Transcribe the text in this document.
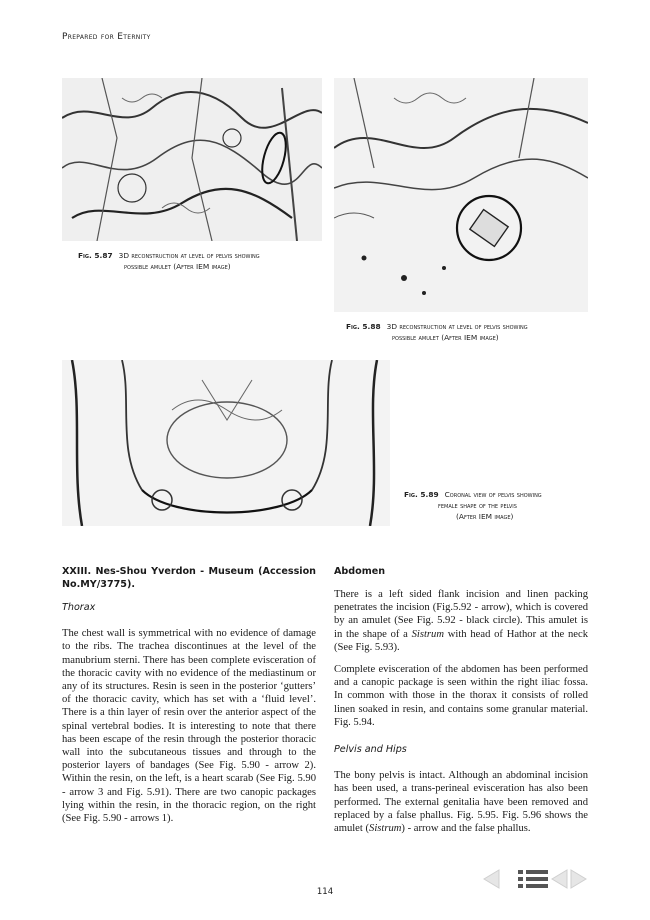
Prepared for Eternity
Fig. 5.87 3D reconstruction at level of pelvis showing
possible amulet (After IEM image)
Fig. 5.88 3D reconstruction at level of pelvis showing
possible amulet (After IEM image)
Fig. 5.89 Coronal view of pelvis showing
female shape of the pelvis
(After IEM image)
XXIII. Nes-Shou Yverdon - Museum (Accession No.MY/3775).
Thorax

The chest wall is symmetrical with no evidence of damage to the ribs. The trachea discontinues at the level of the manubrium sterni. There has been complete evisceration of the thoracic cavity with no evidence of the mediastinum or any of its structures. Resin is seen in the posterior ‘gutters’ of the thoracic cavity, which has set with a ‘fluid level’. There is a thin layer of resin over the anterior aspect of the spinal vertebral bodies. It is interesting to note that there has been escape of the resin through the posterior thoracic wall into the subcutaneous tissues and through to the posterior layers of bandages (See Fig. 5.90 - arrow 2). Within the resin, on the left, is a heart scarab (See Fig. 5.90 - arrow 3 and Fig. 5.91). There are two canopic packages lying within the resin, in the thoracic region, on the right (See Fig. 5.90 - arrows 1).

Abdomen

There is a left sided flank incision and linen packing penetrates the incision (Fig.5.92 - arrow), which is covered by an amulet (See Fig. 5.92 - black circle). This amulet is in the shape of a Sistrum with head of Hathor at the neck (See Fig. 5.93).

Complete evisceration of the abdomen has been performed and a canopic package is seen within the right iliac fossa. In common with those in the thorax it consists of rolled linen soaked in resin, and contains some granular material. Fig. 5.94.

Pelvis and Hips

The bony pelvis is intact. Although an abdominal incision has been used, a trans-perineal evisceration has also been performed. The external genitalia have been removed and replaced by a false phallus. Fig. 5.95. Fig. 5.96 shows the amulet (Sistrum) - arrow and the false phallus.

114
